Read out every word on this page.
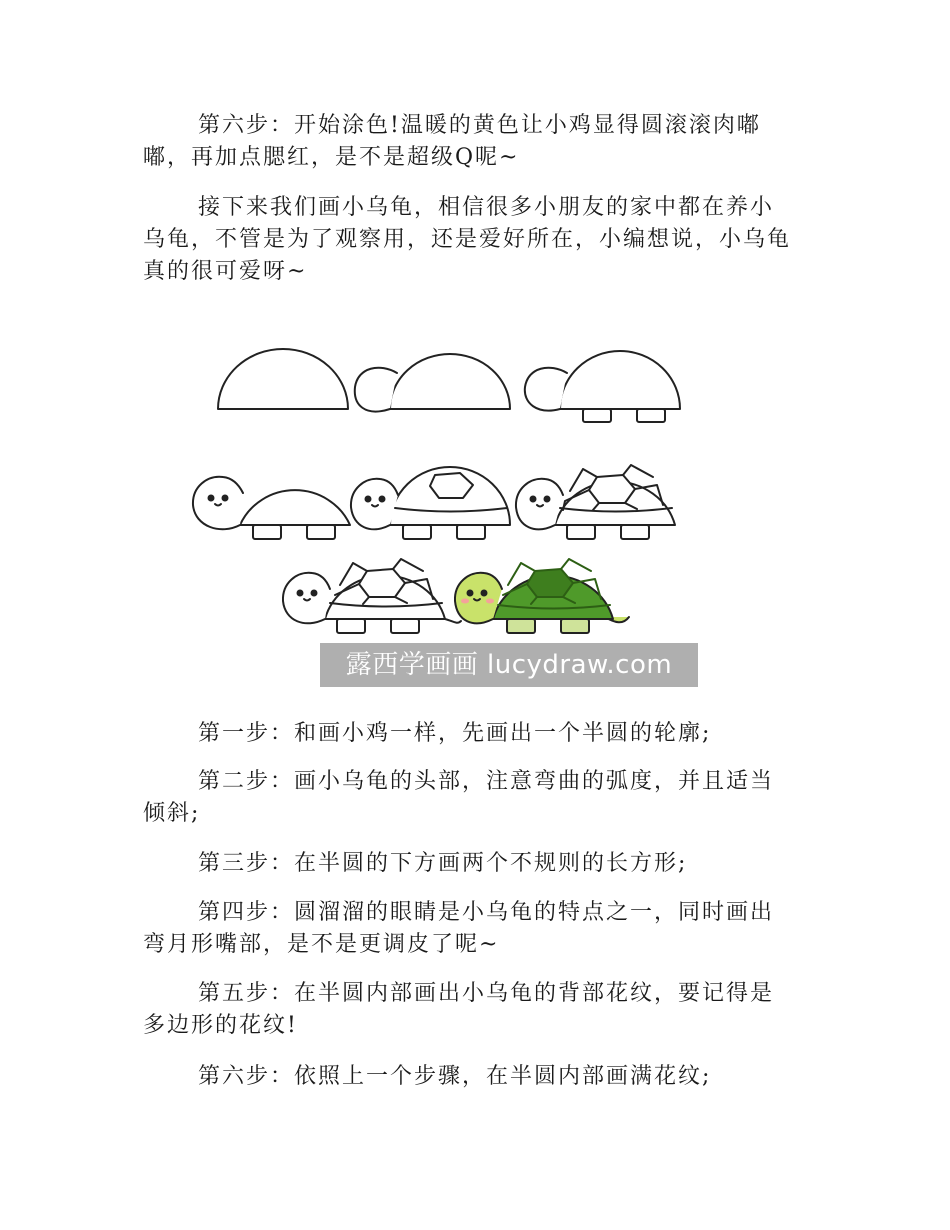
第六步：开始涂色!温暖的黄色让小鸡显得圆滚滚肉嘟
嘟，再加点腮红，是不是超级Q呢~
接下来我们画小乌龟，相信很多小朋友的家中都在养小
乌龟，不管是为了观察用，还是爱好所在，小编想说，小乌龟
真的很可爱呀~
露西学画画 lucydraw.com
第一步：和画小鸡一样，先画出一个半圆的轮廓;
第二步：画小乌龟的头部，注意弯曲的弧度，并且适当
倾斜;
第三步：在半圆的下方画两个不规则的长方形;
第四步：圆溜溜的眼睛是小乌龟的特点之一，同时画出
弯月形嘴部，是不是更调皮了呢~
第五步：在半圆内部画出小乌龟的背部花纹，要记得是
多边形的花纹!
第六步：依照上一个步骤，在半圆内部画满花纹;
